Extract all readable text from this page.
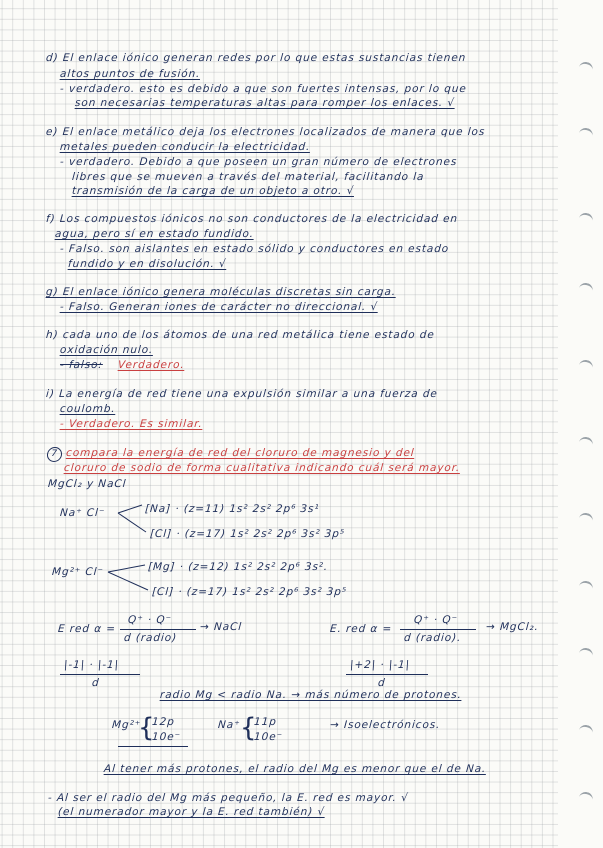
d) El enlace iónico generan redes por lo que estas sustancias tienen
altos puntos de fusión.
- verdadero. esto es debido a que son fuertes intensas, por lo que
son necesarias temperaturas altas para romper los enlaces. √
e) El enlace metálico deja los electrones localizados de manera que los
metales pueden conducir la electricidad.
- verdadero. Debido a que poseen un gran número de electrones
libres que se mueven a través del material, facilitando la
transmisión de la carga de un objeto a otro. √
f) Los compuestos iónicos no son conductores de la electricidad en
agua, pero sí en estado fundido.
- Falso. son aislantes en estado sólido y conductores en estado
fundido y en disolución. √
g) El enlace iónico genera moléculas discretas sin carga.
- Falso. Generan iones de carácter no direccional. √
h) cada uno de los átomos de una red metálica tiene estado de
oxidación nulo.
- falso: Verdadero.
i) La energía de red tiene una expulsión similar a una fuerza de
coulomb.
- Verdadero. Es similar.
7 compara la energía de red del cloruro de magnesio y del
cloruro de sodio de forma cualitativa indicando cuál será mayor.
MgCl₂ y NaCl
Na⁺ Cl⁻	[Na] · (z=11) 1s² 2s² 2p⁶ 3s¹
[Cl] · (z=17) 1s² 2s² 2p⁶ 3s² 3p⁵
Mg²⁺ Cl⁻	[Mg] · (z=12) 1s² 2s² 2p⁶ 3s².
[Cl] · (z=17) 1s² 2s² 2p⁶ 3s² 3p⁵
E red α =
Q⁺ · Q⁻
d (radio)
→ NaCl	E. red α =
Q⁺ · Q⁻
d (radio).
→ MgCl₂.
|-1| · |-1|
d
|+2| · |-1|
d
radio Mg < radio Na. → más número de protones.
Mg²⁺
{
12p
10e⁻
Na⁺ {
11p
10e⁻
→ Isoelectrónicos.
Al tener más protones, el radio del Mg es menor que el de Na.
- Al ser el radio del Mg más pequeño, la E. red es mayor. √
(el numerador mayor y la E. red también) √
